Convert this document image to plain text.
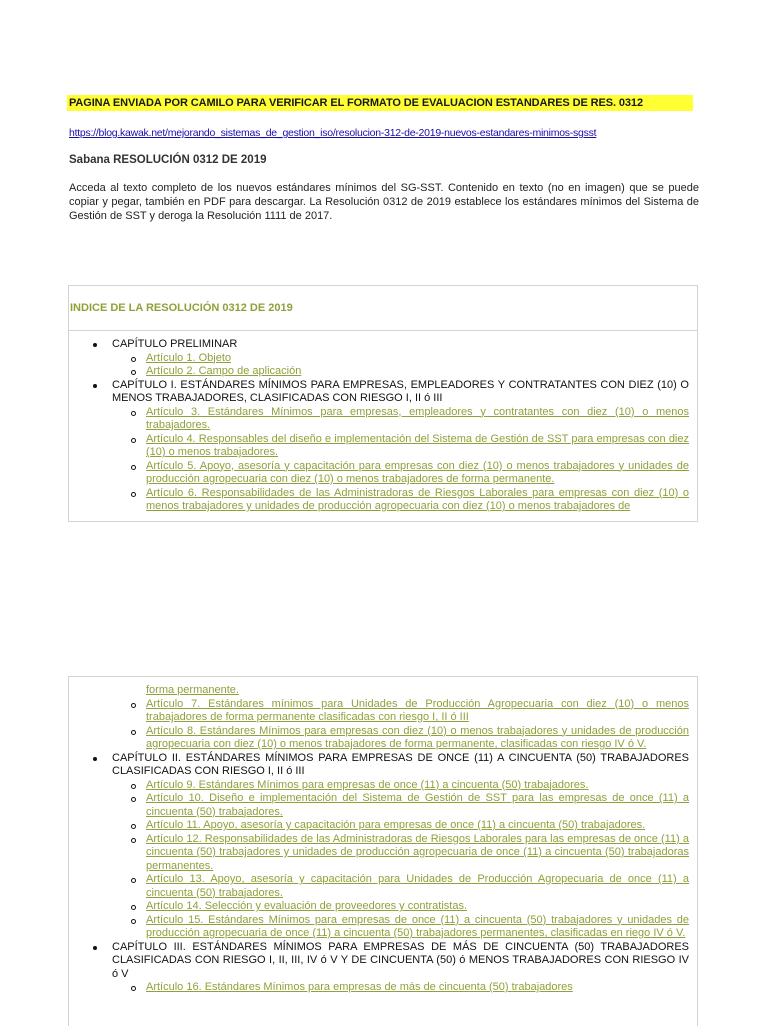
PAGINA ENVIADA POR CAMILO PARA VERIFICAR EL FORMATO DE EVALUACION ESTANDARES DE RES. 0312
https://blog.kawak.net/mejorando_sistemas_de_gestion_iso/resolucion-312-de-2019-nuevos-estandares-minimos-sgsst
Sabana RESOLUCIÓN 0312 DE 2019
Acceda al texto completo de los nuevos estándares mínimos del SG-SST. Contenido en texto (no en imagen) que se puede copiar y pegar, también en PDF para descargar. La Resolución 0312 de 2019 establece los estándares mínimos del Sistema de Gestión de SST y deroga la Resolución 1111 de 2017.
INDICE DE LA RESOLUCIÓN 0312 DE 2019
CAPÍTULO PRELIMINAR
Artículo 1. Objeto
Artículo 2. Campo de aplicación
CAPÍTULO I. ESTÁNDARES MÍNIMOS PARA EMPRESAS, EMPLEADORES Y CONTRATANTES CON DIEZ (10) O MENOS TRABAJADORES, CLASIFICADAS CON RIESGO I, II ó III
Artículo 3. Estándares Mínimos para empresas, empleadores y contratantes con diez (10) o menos trabajadores.
Artículo 4. Responsables del diseño e implementación del Sistema de Gestión de SST para empresas con diez (10) o menos trabajadores.
Artículo 5. Apoyo, asesoría y capacitación para empresas con diez (10) o menos trabajadores y unidades de producción agropecuaria con diez (10) o menos trabajadores de forma permanente.
Artículo 6. Responsabilidades de las Administradoras de Riesgos Laborales para empresas con diez (10) o menos trabajadores y unidades de producción agropecuaria con diez (10) o menos trabajadores de
forma permanente.
Artículo 7. Estándares mínimos para Unidades de Producción Agropecuaria con diez (10) o menos trabajadores de forma permanente clasificadas con riesgo I, II ó III
Artículo 8. Estándares Mínimos para empresas con diez (10) o menos trabajadores y unidades de producción agropecuaria con diez (10) o menos trabajadores de forma permanente, clasificadas con riesgo IV ó V.
CAPÍTULO II. ESTÁNDARES MÍNIMOS PARA EMPRESAS DE ONCE (11) A CINCUENTA (50) TRABAJADORES CLASIFICADAS CON RIESGO I, II ó III
Artículo 9. Estándares Mínimos para empresas de once (11) a cincuenta (50) trabajadores.
Artículo 10. Diseño e implementación del Sistema de Gestión de SST para las empresas de once (11) a cincuenta (50) trabajadores.
Artículo 11. Apoyo, asesoría y capacitación para empresas de once (11) a cincuenta (50) trabajadores.
Artículo 12. Responsabilidades de las Administradoras de Riesgos Laborales para las empresas de once (11) a cincuenta (50) trabajadores y unidades de producción agropecuaria de once (11) a cincuenta (50) trabajadoras permanentes.
Artículo 13. Apoyo, asesoría y capacitación para Unidades de Producción Agropecuaria de once (11) a cincuenta (50) trabajadores.
Artículo 14. Selección y evaluación de proveedores y contratistas.
Artículo 15. Estándares Mínimos para empresas de once (11) a cincuenta (50) trabajadores y unidades de producción agropecuaria de once (11) a cincuenta (50) trabajadores permanentes, clasificadas en riego IV ó V.
CAPÍTULO III. ESTÁNDARES MÍNIMOS PARA EMPRESAS DE MÁS DE CINCUENTA (50) TRABAJADORES CLASIFICADAS CON RIESGO I, II, III, IV ó V Y DE CINCUENTA (50) ó MENOS TRABAJADORES CON RIESGO IV ó V
Artículo 16. Estándares Mínimos para empresas de más de cincuenta (50) trabajadores
